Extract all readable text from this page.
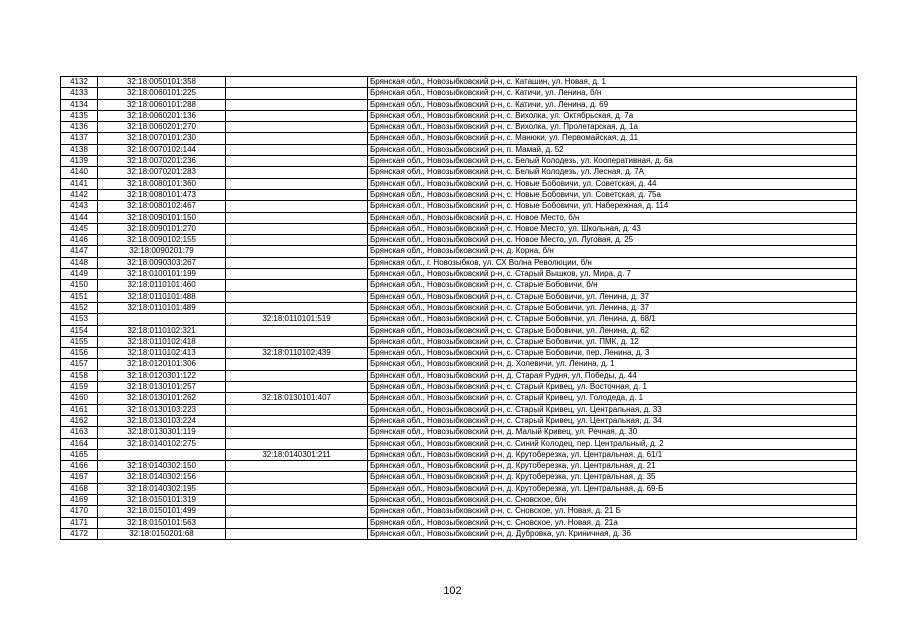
4132	32:18:0050101:358		Брянская обл., Новозыбковский р-н, с. Каташин, ул. Новая, д. 1
4133	32:18:0060101:225		Брянская обл., Новозыбковский р-н, с. Катичи, ул. Ленина, б/н
4134	32:18:0060101:288		Брянская обл., Новозыбковский р-н, с. Катичи, ул. Ленина, д. 69
4135	32:18:0060201:136		Брянская обл., Новозыбковский р-н, с. Вихолка, ул. Октябрьская, д. 7а
4136	32:18:0060201:270		Брянская обл., Новозыбковский р-н, с. Вихолка, ул. Пролетарская, д. 1а
4137	32:18:0070101:230		Брянская обл., Новозыбковский р-н, с. Манюки, ул. Первомайская, д. 11
4138	32:18:0070102:144		Брянская обл., Новозыбковский р-н, п. Мамай, д. 52
4139	32:18:0070201:236		Брянская обл., Новозыбковский р-н, с. Белый Колодезь, ул. Кооперативная, д. 6а
4140	32:18:0070201:283		Брянская обл., Новозыбковский р-н, с. Белый Колодезь, ул. Лесная, д. 7А
4141	32:18:0080101:360		Брянская обл., Новозыбковский р-н, с. Новые Бобовичи, ул. Советская, д. 44
4142	32:18:0080101:473		Брянская обл., Новозыбковский р-н, с. Новые Бобовичи, ул. Советская, д. 75а
4143	32:18:0080102:467		Брянская обл., Новозыбковский р-н, с. Новые Бобовичи, ул. Набережная, д. 114
4144	32:18:0090101:150		Брянская обл., Новозыбковский р-н, с. Новое Место, б/н
4145	32:18:0090101:270		Брянская обл., Новозыбковский р-н, с. Новое Место, ул. Школьная, д. 43
4146	32:18:0090102:155		Брянская обл., Новозыбковский р-н, с. Новое Место, ул. Луговая, д. 25
4147	32:18:0090201:79		Брянская обл., Новозыбковский р-н, д. Корна, б/н
4148	32:18:0090303:267		Брянская обл., г. Новозыбков, ул. СХ Волна Революции, б/н
4149	32:18:0100101:199		Брянская обл., Новозыбковский р-н, с. Старый Вышков, ул. Мира, д. 7
4150	32:18:0110101:460		Брянская обл., Новозыбковский р-н, с. Старые Бобовичи, б/н
4151	32:18:0110101:488		Брянская обл., Новозыбковский р-н, с. Старые Бобовичи, ул. Ленина, д. 37
4152	32:18:0110101:489		Брянская обл., Новозыбковский р-н, с. Старые Бобовичи, ул. Ленина, д. 37
4153		32:18:0110101:519	Брянская обл., Новозыбковский р-н, с. Старые Бобовичи, ул. Ленина, д. 68/1
4154	32:18:0110102:321		Брянская обл., Новозыбковский р-н, с. Старые Бобовичи, ул. Ленина, д. 62
4155	32:18:0110102:418		Брянская обл., Новозыбковский р-н, с. Старые Бобовичи, ул. ПМК, д. 12
4156	32:18:0110102:413	32:18:0110102:439	Брянская обл., Новозыбковский р-н, с. Старые Бобовичи, пер. Ленина, д. 3
4157	32:18:0120101:306		Брянская обл., Новозыбковский р-н, д. Холевичи, ул. Ленина, д. 1
4158	32:18:0120301:122		Брянская обл., Новозыбковский р-н, д. Старая Рудня, ул. Победы, д. 44
4159	32:18:0130101:257		Брянская обл., Новозыбковский р-н, с. Старый Кривец, ул. Восточная, д. 1
4160	32:18:0130101:262	32:18:0130101:407	Брянская обл., Новозыбковский р-н, с. Старый Кривец, ул. Голодеда, д. 1
4161	32:18:0130103:223		Брянская обл., Новозыбковский р-н, с. Старый Кривец, ул. Центральная, д. 33
4162	32:18:0130103:224		Брянская обл., Новозыбковский р-н, с. Старый Кривец, ул. Центральная, д. 34
4163	32:18:0130301:119		Брянская обл., Новозыбковский р-н, д. Малый Кривец, ул. Речная, д. 30
4164	32:18:0140102:275		Брянская обл., Новозыбковский р-н, с. Синий Колодец, пер. Центральный, д. 2
4165		32:18:0140301:211	Брянская обл., Новозыбковский р-н, д. Крутоберезка, ул. Центральная, д. 61/1
4166	32:18:0140302:150		Брянская обл., Новозыбковский р-н, д. Крутоберезка, ул. Центральная, д. 21
4167	32:18:0140302:156		Брянская обл., Новозыбковский р-н, д. Крутоберезка, ул. Центральная, д. 35
4168	32:18:0140302:195		Брянская обл., Новозыбковский р-н, д. Крутоберезка, ул. Центральная, д. 69-Б
4169	32:18:0150101:319		Брянская обл., Новозыбковский р-н, с. Сновское, б/н
4170	32:18:0150101:499		Брянская обл., Новозыбковский р-н, с. Сновское, ул. Новая, д. 21 Б
4171	32:18:0150101:563		Брянская обл., Новозыбковский р-н, с. Сновское, ул. Новая, д. 21а
4172	32:18:0150201:68		Брянская обл., Новозыбковский р-н, д. Дубровка, ул. Криничная, д. 36
102
